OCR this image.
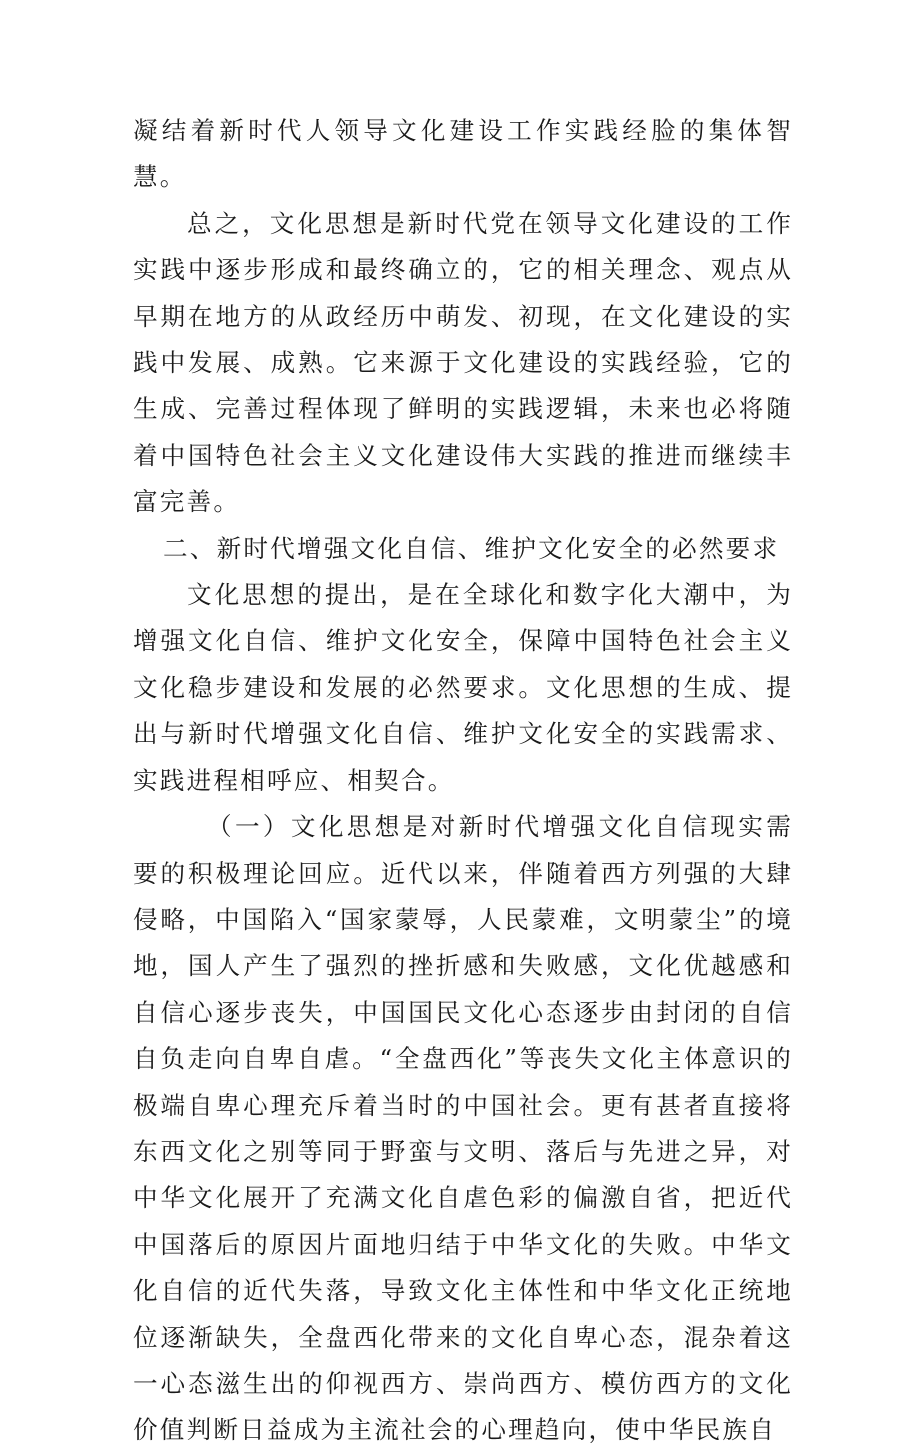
凝结着新时代人领导文化建设工作实践经脸的集体智慧。

总之，文化思想是新时代党在领导文化建设的工作实践中逐步形成和最终确立的，它的相关理念、观点从早期在地方的从政经历中萌发、初现，在文化建设的实践中发展、成熟。它来源于文化建设的实践经验，它的生成、完善过程体现了鲜明的实践逻辑，未来也必将随着中国特色社会主义文化建设伟大实践的推进而继续丰富完善。

二、新时代增强文化自信、维护文化安全的必然要求

文化思想的提出，是在全球化和数字化大潮中，为增强文化自信、维护文化安全，保障中国特色社会主义文化稳步建设和发展的必然要求。文化思想的生成、提出与新时代增强文化自信、维护文化安全的实践需求、实践进程相呼应、相契合。

（一）文化思想是对新时代增强文化自信现实需要的积极理论回应。近代以来，伴随着西方列强的大肆侵略，中国陷入“国家蒙辱，人民蒙难，文明蒙尘”的境地，国人产生了强烈的挫折感和失败感，文化优越感和自信心逐步丧失，中国国民文化心态逐步由封闭的自信自负走向自卑自虐。“全盘西化”等丧失文化主体意识的极端自卑心理充斥着当时的中国社会。更有甚者直接将东西文化之别等同于野蛮与文明、落后与先进之异，对中华文化展开了充满文化自虐色彩的偏激自省，把近代中国落后的原因片面地归结于中华文化的失败。中华文化自信的近代失落，导致文化主体性和中华文化正统地位逐渐缺失，全盘西化带来的文化自卑心态，混杂着这一心态滋生出的仰视西方、崇尚西方、模仿西方的文化价值判断日益成为主流社会的心理趋向，使中华民族自
